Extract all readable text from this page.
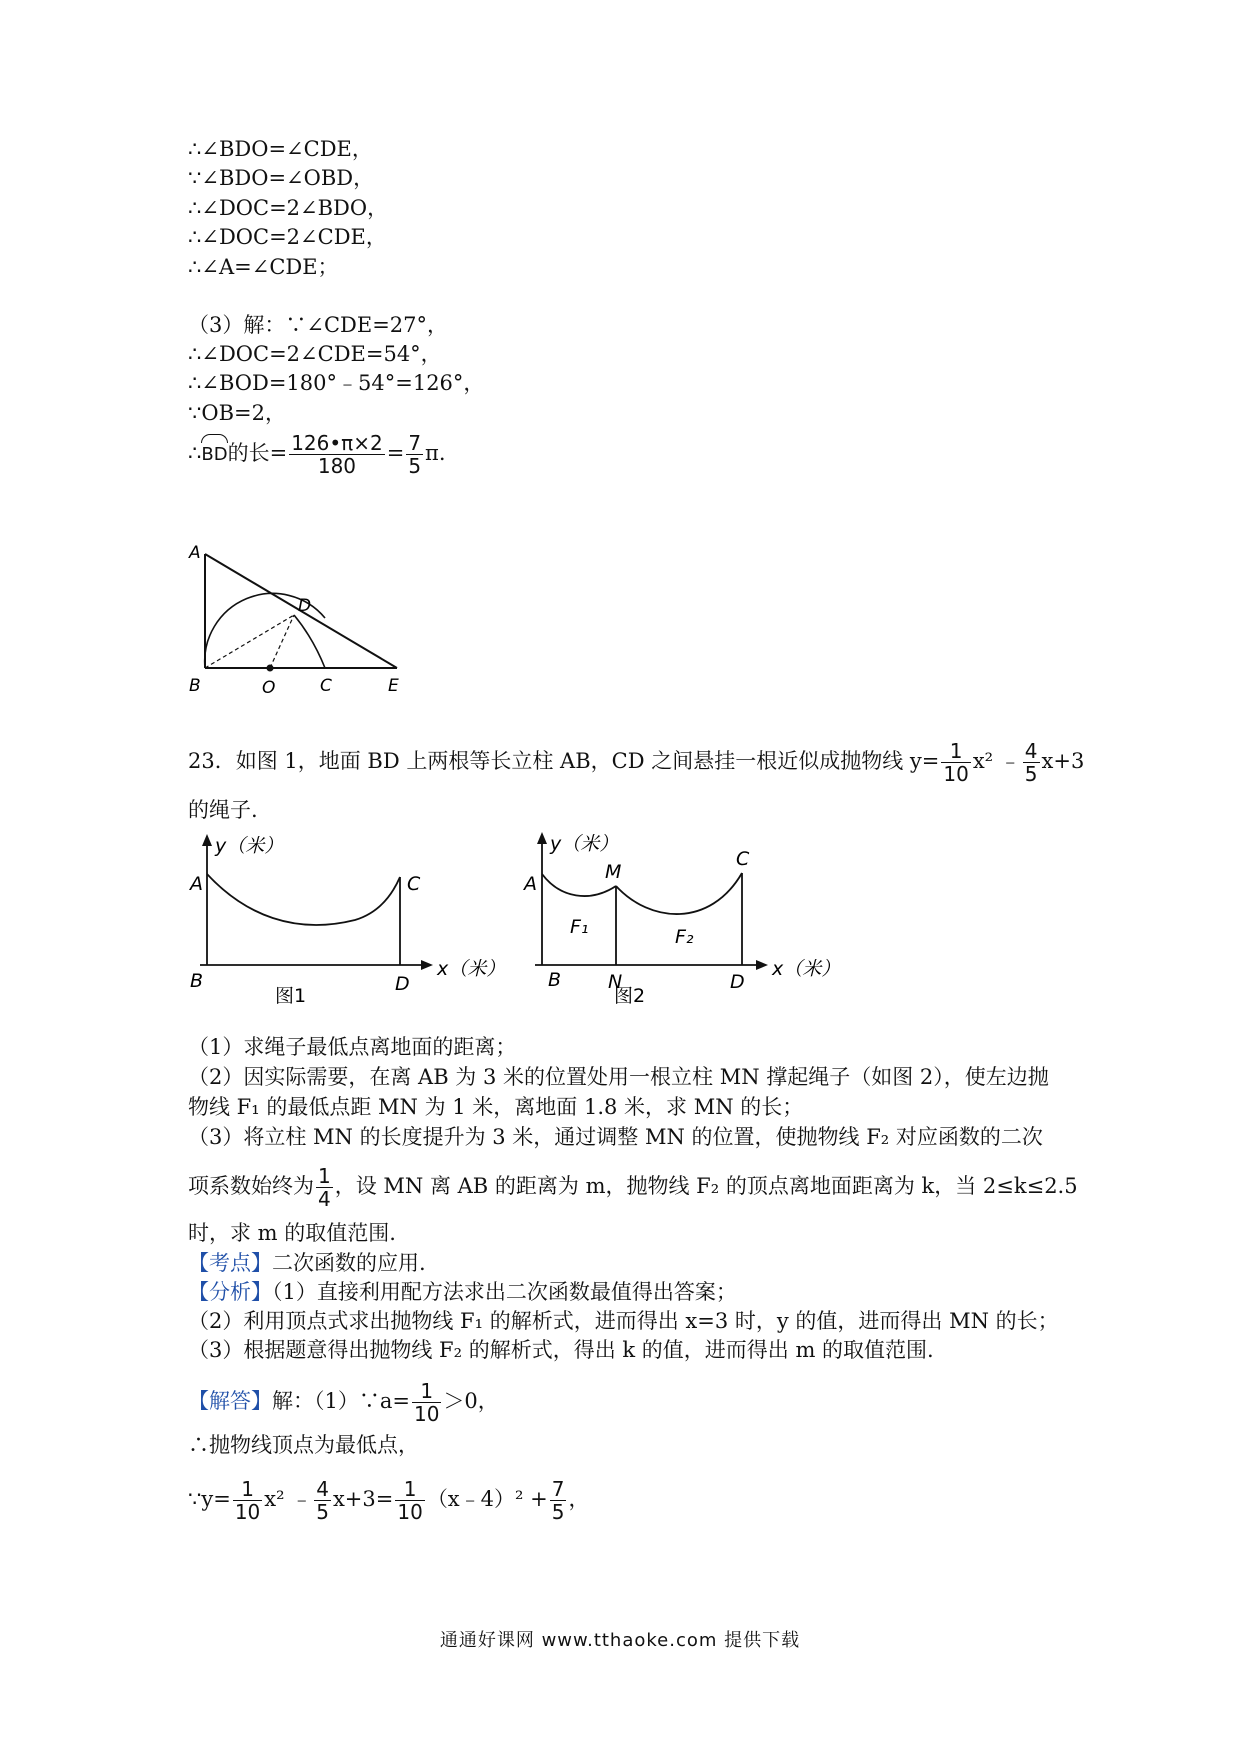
∴∠BDO=∠CDE，
∵∠BDO=∠OBD，
∴∠DOC=2∠BDO，
∴∠DOC=2∠CDE，
∴∠A=∠CDE；
（3）解：∵∠CDE=27°，
∴∠DOC=2∠CDE=54°，
∴∠BOD=180°﹣54°=126°，
∵OB=2，
∴BD的长= $\frac{126•\pi\times 2}{180} = \frac{7}{5} \pi$.
A
B	O	C
D
E
23．如图 1，地面 BD 上两根等长立柱 AB，CD 之间悬挂一根近似成抛物线 $y= \frac{1}{10} x^2$ ﹣ $\frac{4}{5} x+3$
的绳子.
y（米）
A	C
B	D
x（米）
图1
y（米）
A
M
C
F₁	F₂
B N	D
x（米）
图2
（1）求绳子最低点离地面的距离；
（2）因实际需要，在离 AB 为 3 米的位置处用一根立柱 MN 撑起绳子（如图 2），使左边抛
物线 F₁ 的最低点距 MN 为 1 米，离地面 1.8 米，求 MN 的长；
（3）将立柱 MN 的长度提升为 3 米，通过调整 MN 的位置，使抛物线 F₂ 对应函数的二次
项系数始终为 $\frac{1}{4}$ ，设 MN 离 AB 的距离为 m，抛物线 F₂ 的顶点离地面距离为 k，当 2≤k≤2.5
时，求 m 的取值范围.
【考点】二次函数的应用.
【分析】（1）直接利用配方法求出二次函数最值得出答案；
（2）利用顶点式求出抛物线 F₁ 的解析式，进而得出 x=3 时，y 的值，进而得出 MN 的长；
（3）根据题意得出抛物线 F₂ 的解析式，得出 k 的值，进而得出 m 的取值范围.
【解答】解：（1）∵a= $\frac{1}{10} >0$，
∴抛物线顶点为最低点，
∵y= $\frac{1}{10} x^2$ ﹣ $\frac{4}{5} x+3= \frac{1}{10}$ （x﹣4）² + $\frac{7}{5}$ ，
通通好课网 www.tthaoke.com 提供下载
